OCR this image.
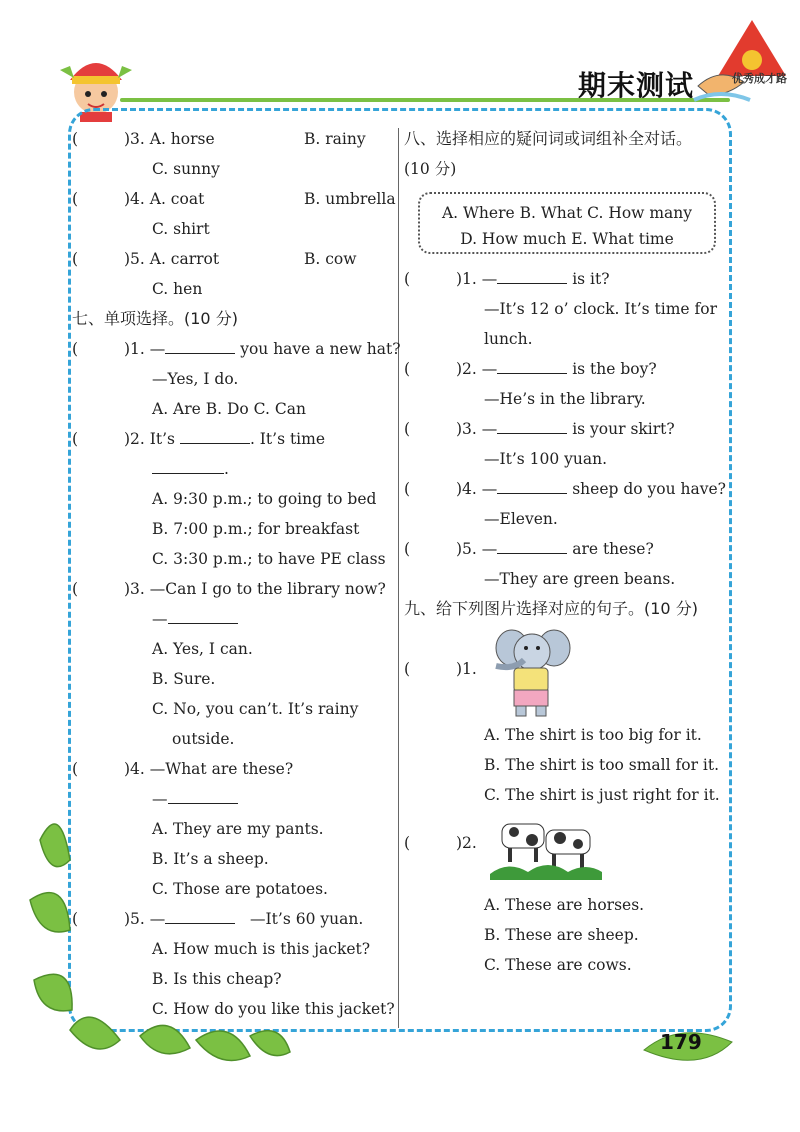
期末测试	优秀成才路
(	)3. A. horse	B. rainy
C. sunny
(	)4. A. coat	B. umbrella
C. shirt
(	)5. A. carrot	B. cow
C. hen
七、单项选择。(10 分)
(	)1. —	you have a new hat?
—Yes, I do.
A. Are B. Do C. Can
(	)2. It’s	. It’s time
.
A. 9:30 p.m.; to going to bed
B. 7:00 p.m.; for breakfast
C. 3:30 p.m.; to have PE class
(	)3. —Can I go to the library now?
—
A. Yes, I can.
B. Sure.
C. No, you can’t. It’s rainy
outside.
(	)4. —What are these?
—
A. They are my pants.
B. It’s a sheep.
C. Those are potatoes.
(	)5. —	—It’s 60 yuan.
A. How much is this jacket?
B. Is this cheap?
C. How do you like this jacket?
八、选择相应的疑问词或词组补全对话。
(10 分)
A. Where B. What C. How many
D. How much E. What time
(	)1. —	is it?
—It’s 12 o’ clock. It’s time for
lunch.
(	)2. —	is the boy?
—He’s in the library.
(	)3. —	is your skirt?
—It’s 100 yuan.
(	)4. —	sheep do you have?
—Eleven.
(	)5. —	are these?
—They are green beans.
九、给下列图片选择对应的句子。(10 分)
(	)1.
A. The shirt is too big for it.
B. The shirt is too small for it.
C. The shirt is just right for it.
(	)2.
A. These are horses.
B. These are sheep.
C. These are cows.
179
